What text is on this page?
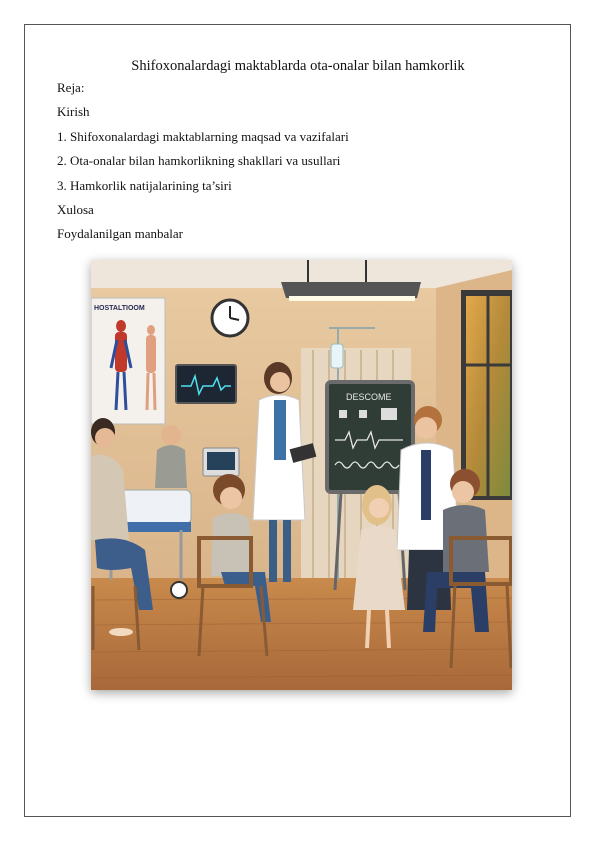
Shifoxonalardagi maktablarda ota-onalar bilan hamkorlik
Reja:
Kirish
1. Shifoxonalardagi maktablarning maqsad va vazifalari
2. Ota-onalar bilan hamkorlikning shakllari va usullari
3. Hamkorlik natijalarining ta’siri
Xulosa
Foydalanilgan manbalar
HOSTALTIOOM
DESCOME
